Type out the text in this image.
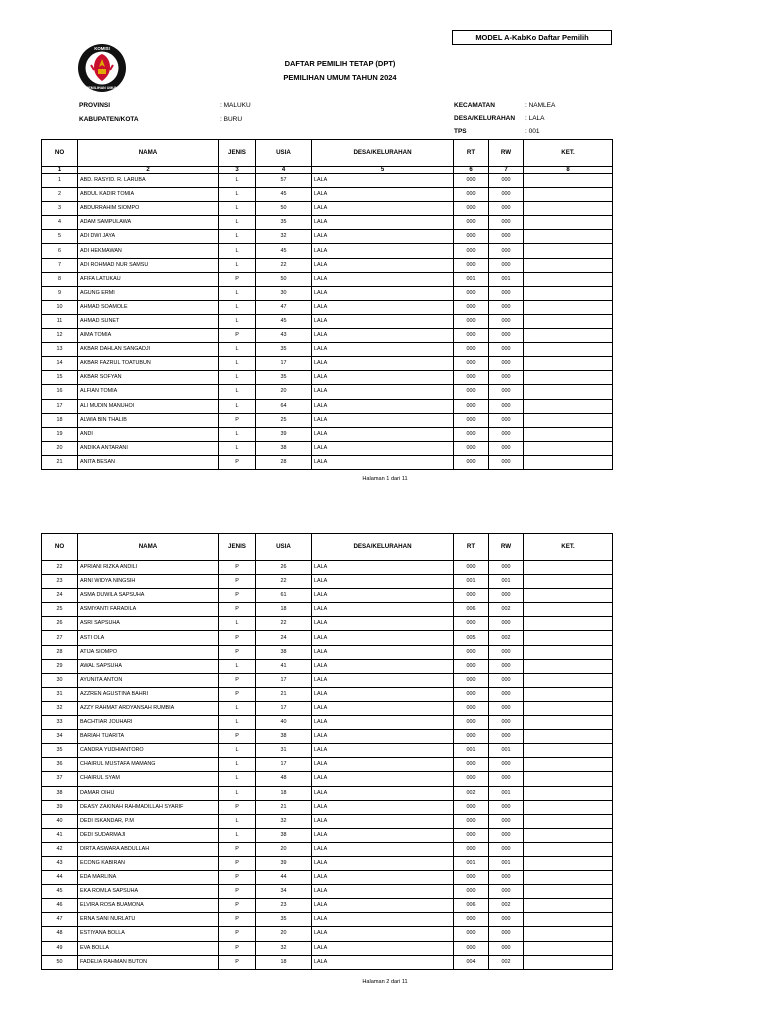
MODEL A-KabKo Daftar Pemilih
KOMISI
PEMILIHAN UMUM
DAFTAR PEMILIH TETAP (DPT)
PEMILIHAN UMUM TAHUN 2024
PROVINSI	: MALUKU
KABUPATEN/KOTA	: BURU
KECAMATAN	: NAMLEA
DESA/KELURAHAN : LALA
TPS	: 001
NO	NAMA	JENIS	USIA	DESA/KELURAHAN	RT	RW	KET.
1	2	3	4	5	6	7	8
1	ABD. RASYID. R. LARUBA	L	57	LALA	000	000	
2	ABDUL KADIR TOMIA	L	45	LALA	000	000	
3	ABDURRAHIM SIOMPO	L	50	LALA	000	000	
4	ADAM SAMPULAWA	L	35	LALA	000	000	
5	ADI DWI JAYA	L	32	LALA	000	000	
6	ADI HEKMAWAN	L	45	LALA	000	000	
7	ADI ROHMAD NUR SAMSU	L	22	LALA	000	000	
8	AFIFA LATUKAU	P	50	LALA	001	001	
9	AGUNG ERMI	L	30	LALA	000	000	
10	AHMAD SOAMOLE	L	47	LALA	000	000	
11	AHMAD SUNET	L	45	LALA	000	000	
12	AIMA TOMIA	P	43	LALA	000	000	
13	AKBAR DAHLAN SANGADJI	L	35	LALA	000	000	
14	AKBAR FAZRUL TOATUBUN	L	17	LALA	000	000	
15	AKBAR SOFYAN	L	35	LALA	000	000	
16	ALFIAN TOMIA	L	20	LALA	000	000	
17	ALI MUDIN MANUHOI	L	64	LALA	000	000	
18	ALWIA BIN THALIB	P	25	LALA	000	000	
19	ANDI	L	39	LALA	000	000	
20	ANDIKA ANTARANI	L	38	LALA	000	000	
21	ANITA BESAN	P	28	LALA	000	000	
Halaman 1 dari 11
NO	NAMA	JENIS	USIA	DESA/KELURAHAN	RT	RW	KET.
22	APRIANI RIZKA ANDILI	P	26	LALA	000	000	
23	ARNI WIDYA NINGSIH	P	22	LALA	001	001	
24	ASMA DUWILA SAPSUHA	P	61	LALA	000	000	
25	ASMIYANTI FARADILA	P	18	LALA	006	002	
26	ASRI SAPSUHA	L	22	LALA	000	000	
27	ASTI OLA	P	24	LALA	005	002	
28	ATIJA SIOMPO	P	38	LALA	000	000	
29	AWAL SAPSUHA	L	41	LALA	000	000	
30	AYUNITA ANTON	P	17	LALA	000	000	
31	AZZREN AGUSTINA BAHRI	P	21	LALA	000	000	
32	AZZY RAHMAT ARDYANSAH RUMBIA	L	17	LALA	000	000	
33	BACHTIAR JOUHARI	L	40	LALA	000	000	
34	BARIAH TUARITA	P	38	LALA	000	000	
35	CANDRA YUDHIANTORO	L	31	LALA	001	001	
36	CHAIRUL MUSTAFA MAMANG	L	17	LALA	000	000	
37	CHAIRUL SYAM	L	48	LALA	000	000	
38	DAMAR OIHU	L	18	LALA	002	001	
39	DEASY ZAKINAH RAHMADILLAH SYARIF	P	21	LALA	000	000	
40	DEDI ISKANDAR, P.M	L	32	LALA	000	000	
41	DEDI SUDARMAJI	L	38	LALA	000	000	
42	DIRTA ASWARA ABDULLAH	P	20	LALA	000	000	
43	ECONG KABIRAN	P	39	LALA	001	001	
44	EDA MARLINA	P	44	LALA	000	000	
45	EKA ROMLA SAPSUHA	P	34	LALA	000	000	
46	ELVIRA ROSA BUAMONA	P	23	LALA	006	002	
47	ERNA SANI NURLATU	P	35	LALA	000	000	
48	ESTIYANA BOLLA	P	20	LALA	000	000	
49	EVA BOLLA	P	32	LALA	000	000	
50	FADELIA RAHMAN BUTON	P	18	LALA	004	002	
Halaman 2 dari 11
